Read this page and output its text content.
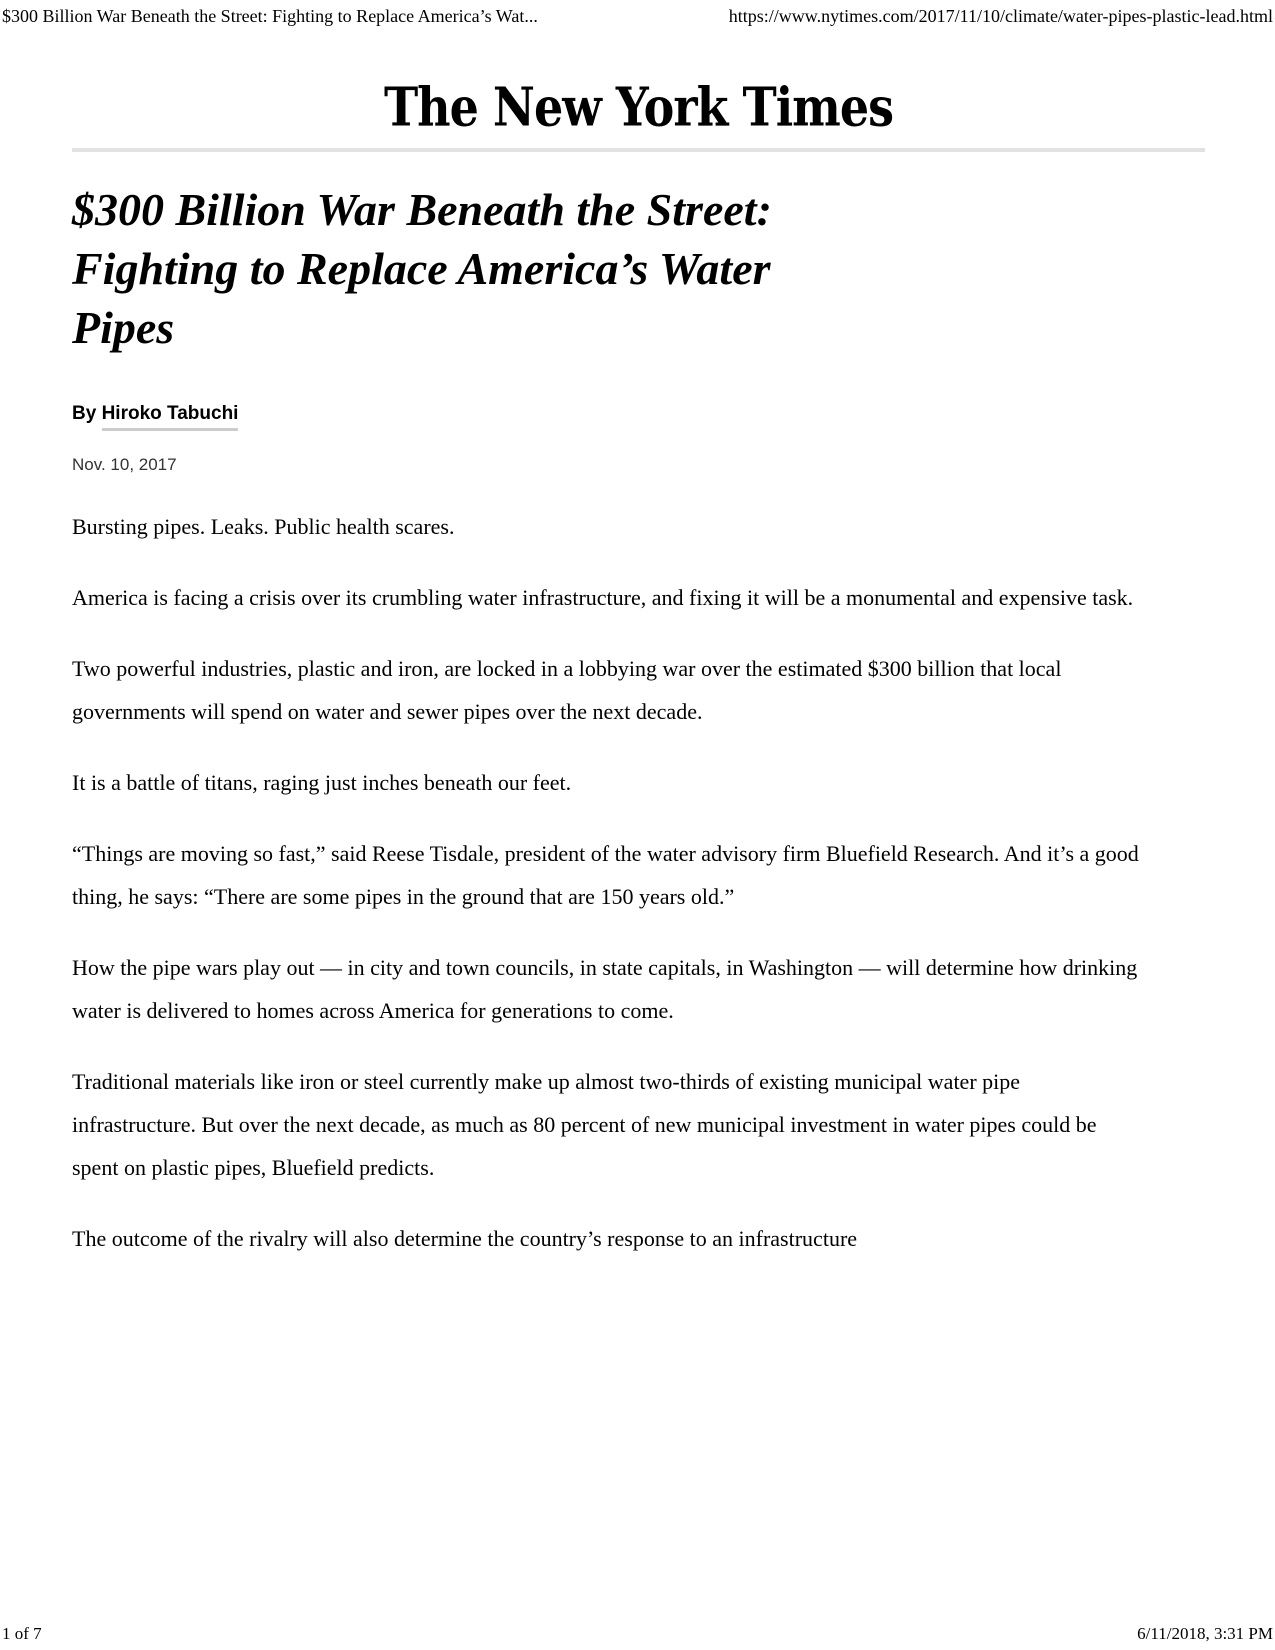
$300 Billion War Beneath the Street: Fighting to Replace America’s Wat...	https://www.nytimes.com/2017/11/10/climate/water-pipes-plastic-lead.html
The New York Times
$300 Billion War Beneath the Street: Fighting to Replace America’s Water Pipes
By Hiroko Tabuchi
Nov. 10, 2017

Bursting pipes. Leaks. Public health scares.

America is facing a crisis over its crumbling water infrastructure, and fixing it will be a monumental and expensive task.

Two powerful industries, plastic and iron, are locked in a lobbying war over the estimated $300 billion that local governments will spend on water and sewer pipes over the next decade.

It is a battle of titans, raging just inches beneath our feet.

“Things are moving so fast,” said Reese Tisdale, president of the water advisory firm Bluefield Research. And it’s a good thing, he says: “There are some pipes in the ground that are 150 years old.”

How the pipe wars play out — in city and town councils, in state capitals, in Washington — will determine how drinking water is delivered to homes across America for generations to come.

Traditional materials like iron or steel currently make up almost two-thirds of existing municipal water pipe infrastructure. But over the next decade, as much as 80 percent of new municipal investment in water pipes could be spent on plastic pipes, Bluefield predicts.

The outcome of the rivalry will also determine the country’s response to an infrastructure

1 of 7	6/11/2018, 3:31 PM
